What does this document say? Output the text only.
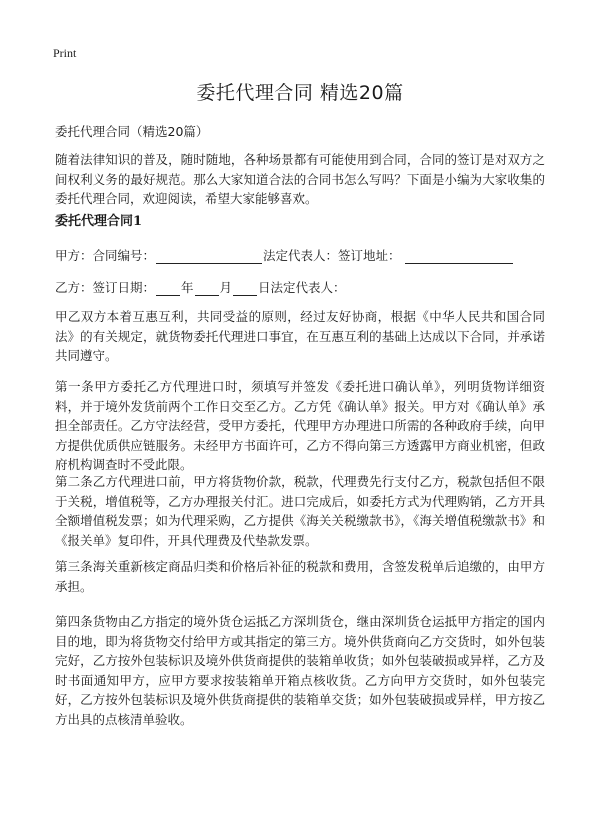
Print
委托代理合同 精选20篇
委托代理合同（精选20篇）

随着法律知识的普及，随时随地，各种场景都有可能使用到合同，合同的签订是对双方之间权利义务的最好规范。那么大家知道合法的合同书怎么写吗？下面是小编为大家收集的委托代理合同，欢迎阅读，希望大家能够喜欢。

委托代理合同1
甲方：合同编号：	法定代表人：签订地址：
乙方：签订日期： 年 月 日法定代表人：

甲乙双方本着互惠互利，共同受益的原则，经过友好协商，根据《中华人民共和国合同法》的有关规定，就货物委托代理进口事宜，在互惠互利的基础上达成以下合同，并承诺共同遵守。

第一条甲方委托乙方代理进口时，须填写并签发《委托进口确认单》，列明货物详细资料，并于境外发货前两个工作日交至乙方。乙方凭《确认单》报关。甲方对《确认单》承担全部责任。乙方守法经营，受甲方委托，代理甲方办理进口所需的各种政府手续，向甲方提供优质供应链服务。未经甲方书面许可，乙方不得向第三方透露甲方商业机密，但政府机构调查时不受此限。

第二条乙方代理进口前，甲方将货物价款，税款，代理费先行支付乙方，税款包括但不限于关税，增值税等，乙方办理报关付汇。进口完成后，如委托方式为代理购销，乙方开具全额增值税发票；如为代理采购，乙方提供《海关关税缴款书》，《海关增值税缴款书》和《报关单》复印件，开具代理费及代垫款发票。

第三条海关重新核定商品归类和价格后补征的税款和费用，含签发税单后追缴的，由甲方承担。

第四条货物由乙方指定的境外货仓运抵乙方深圳货仓，继由深圳货仓运抵甲方指定的国内目的地，即为将货物交付给甲方或其指定的第三方。境外供货商向乙方交货时，如外包装完好，乙方按外包装标识及境外供货商提供的装箱单收货；如外包装破损或异样，乙方及时书面通知甲方，应甲方要求按装箱单开箱点核收货。乙方向甲方交货时，如外包装完好，乙方按外包装标识及境外供货商提供的装箱单交货；如外包装破损或异样，甲方按乙方出具的点核清单验收。
